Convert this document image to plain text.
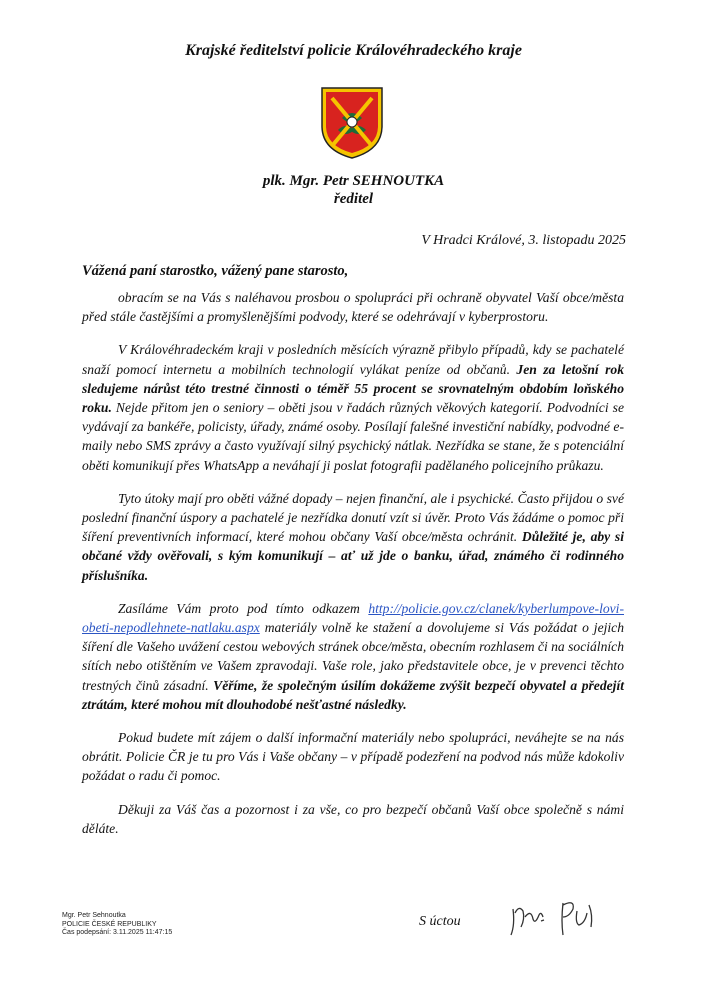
Krajské ředitelství policie Královéhradeckého kraje
plk. Mgr. Petr SEHNOUTKA
ředitel
V Hradci Králové, 3. listopadu 2025
Vážená paní starostko, vážený pane starosto,

obracím se na Vás s naléhavou prosbou o spolupráci při ochraně obyvatel Vaší obce/města před stále častějšími a promyšlenějšími podvody, které se odehrávají v kyberprostoru.

V Královéhradeckém kraji v posledních měsících výrazně přibylo případů, kdy se pachatelé snaží pomocí internetu a mobilních technologií vylákat peníze od občanů. Jen za letošní rok sledujeme nárůst této trestné činnosti o téměř 55 procent se srovnatelným obdobím loňského roku. Nejde přitom jen o seniory – oběti jsou v řadách různých věkových kategorií. Podvodníci se vydávají za bankéře, policisty, úřady, známé osoby. Posílají falešné investiční nabídky, podvodné e-maily nebo SMS zprávy a často využívají silný psychický nátlak. Nezřídka se stane, že s potenciální oběti komunikují přes WhatsApp a neváhají ji poslat fotografii padělaného policejního průkazu.

Tyto útoky mají pro oběti vážné dopady – nejen finanční, ale i psychické. Často přijdou o své poslední finanční úspory a pachatelé je nezřídka donutí vzít si úvěr. Proto Vás žádáme o pomoc při šíření preventivních informací, které mohou občany Vaší obce/města ochránit. Důležité je, aby si občané vždy ověřovali, s kým komunikují – ať už jde o banku, úřad, známého či rodinného příslušníka.

Zasíláme Vám proto pod tímto odkazem http://policie.gov.cz/clanek/kyberlumpove-lovi-obeti-nepodlehnete-natlaku.aspx materiály volně ke stažení a dovolujeme si Vás požádat o jejich šíření dle Vašeho uvážení cestou webových stránek obce/města, obecním rozhlasem či na sociálních sítích nebo otištěním ve Vašem zpravodaji. Vaše role, jako představitele obce, je v prevenci těchto trestných činů zásadní. Věříme, že společným úsilím dokážeme zvýšit bezpečí obyvatel a předejít ztrátám, které mohou mít dlouhodobé nešťastné následky.

Pokud budete mít zájem o další informační materiály nebo spolupráci, neváhejte se na nás obrátit. Policie ČR je tu pro Vás i Vaše občany – v případě podezření na podvod nás může kdokoliv požádat o radu či pomoc.

Děkuji za Váš čas a pozornost i za vše, co pro bezpečí občanů Vaší obce společně s námi děláte.

Mgr. Petr Sehnoutka
POLICIE ČESKÉ REPUBLIKY
Čas podepsání: 3.11.2025 11:47:15
S úctou
